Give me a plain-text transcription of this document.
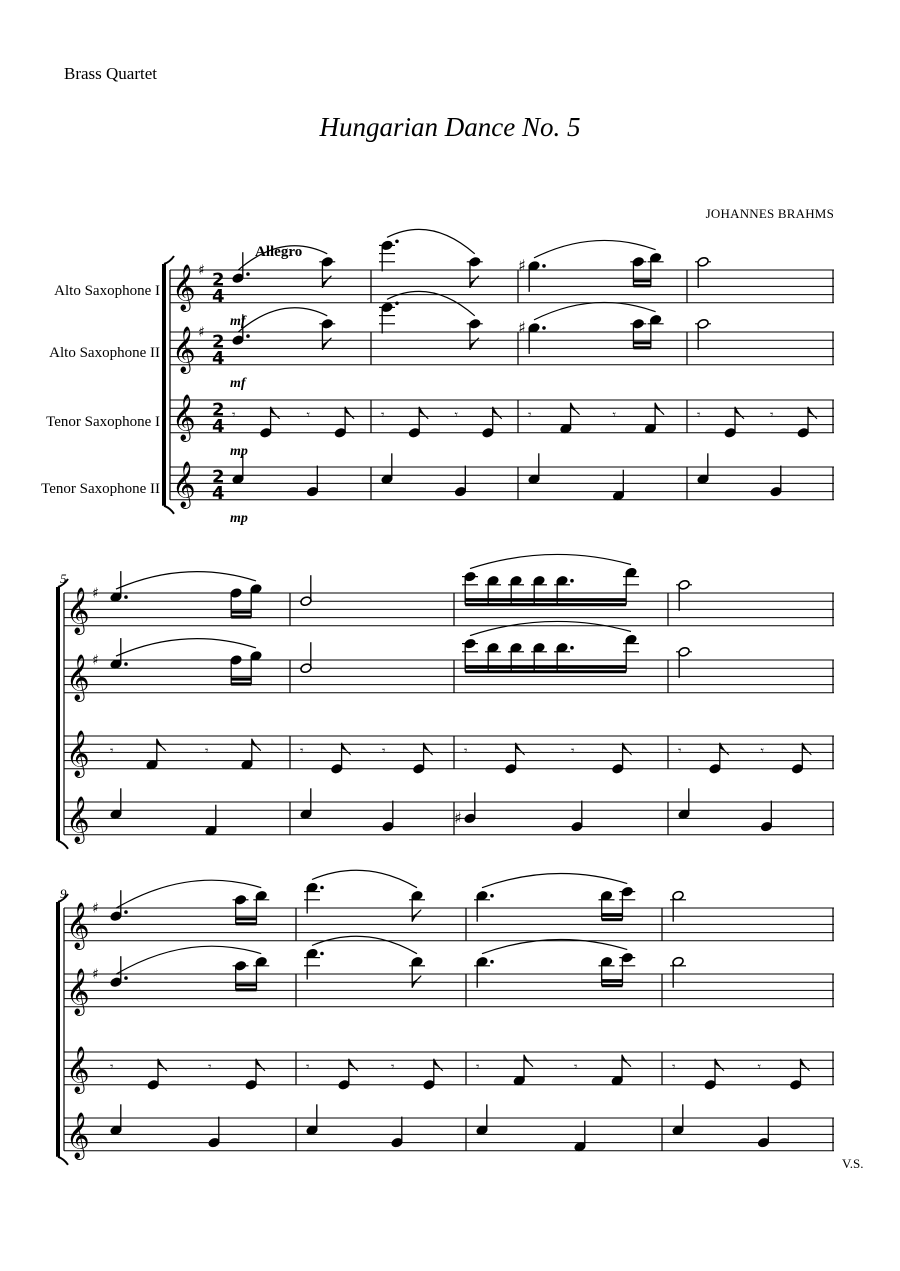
Brass Quartet
Hungarian Dance No. 5
JOHANNES BRAHMS
Alto Saxophone I
Alto Saxophone II
Tenor Saxophone I
Tenor Saxophone II
V.S.
𝄞 ♯ 2
4
mf
𝄞 ♯ 2
4
mf
𝄞 2
4
mp
𝄞 2
4
mp
Allegro
𝄾	𝄾	𝄾	𝄾
♯
♯
𝄾	𝄾	𝄾	𝄾
𝄞 ♯
𝄞 ♯
𝄞
𝄞
5
𝄾	𝄾	𝄾	𝄾	𝄾	𝄾
♯
𝄾	𝄾
𝄞 ♯
𝄞 ♯
𝄞
𝄞
9
𝄾	𝄾	𝄾	𝄾	𝄾	𝄾	𝄾	𝄾
